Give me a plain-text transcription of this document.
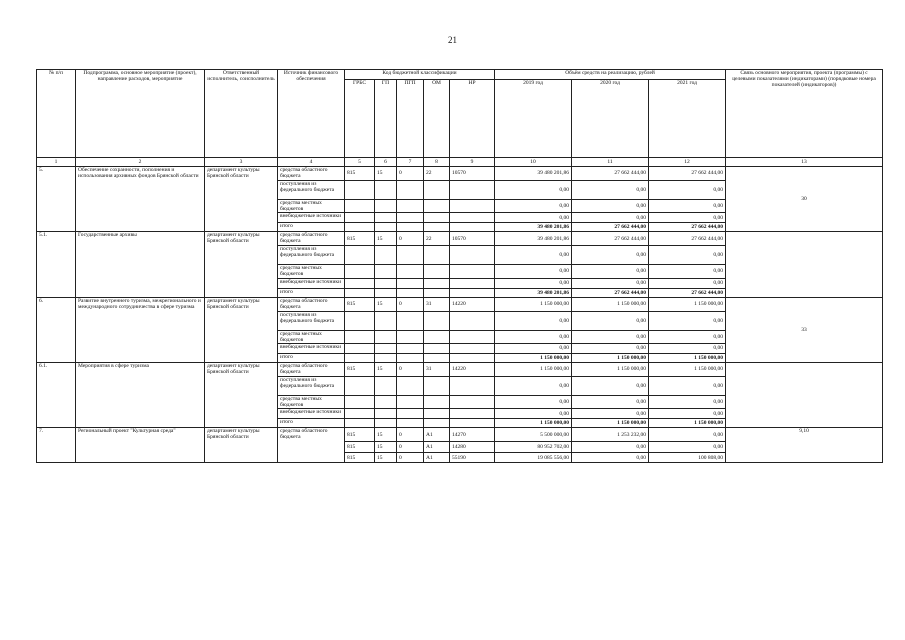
21
№ п/п	Подпрограмма, основное мероприятие (проект), направление расходов, мероприятие	Ответственный исполнитель, соисполнитель	Источник финансового обеспечения	Код бюджетной классификации					Объём средств на реализацию, рублей			Связь основного мероприятия, проекта (программы) с целевыми показателями (индикаторами) (порядковые номера показателей (индикаторов))
				ГРБС	ГП	ПГП	ОМ	НР	2019 год	2020 год	2021 год	
1	2	3	4	5	6	7	8	9	10	11	12	13
5.	Обеспечение сохранности, пополнения и использования архивных фондов Брянской области	департамент культуры Брянской области	средства областного бюджета	815	15	0	22	10570	39 480 201,86	27 662 444,00	27 662 444,00	30
			поступления из федерального бюджета						0,00	0,00	0,00	
			средства местных бюджетов						0,00	0,00	0,00	
			внебюджетные источники						0,00	0,00	0,00	
			итого						39 480 201,86	27 662 444,00	27 662 444,00	
5.1.	Государственные архивы	департамент культуры Брянской области	средства областного бюджета	815	15	0	22	10570	39 480 201,86	27 662 444,00	27 662 444,00	
			поступления из федерального бюджета						0,00	0,00	0,00	
			средства местных бюджетов						0,00	0,00	0,00	
			внебюджетные источники						0,00	0,00	0,00	
			итого						39 480 201,86	27 662 444,00	27 662 444,00	
6.	Развитие внутреннего туризма, межрегионального и международного сотрудничества в сфере туризма	департамент культуры Брянской области	средства областного бюджета	815	15	0	31	14220	1 150 000,00	1 150 000,00	1 150 000,00	33
			поступления из федерального бюджета						0,00	0,00	0,00	
			средства местных бюджетов						0,00	0,00	0,00	
			внебюджетные источники						0,00	0,00	0,00	
			итого						1 150 000,00	1 150 000,00	1 150 000,00	
6.1.	Мероприятия в сфере туризма	департамент культуры Брянской области	средства областного бюджета	815	15	0	31	14220	1 150 000,00	1 150 000,00	1 150 000,00	
			поступления из федерального бюджета						0,00	0,00	0,00	
			средства местных бюджетов						0,00	0,00	0,00	
			внебюджетные источники						0,00	0,00	0,00	
			итого						1 150 000,00	1 150 000,00	1 150 000,00	
7.	Региональный проект "Культурная среда"	департамент культуры Брянской области	средства областного бюджета	815	15	0	A1	14270	5 500 000,00	1 253 232,00	0,00	9,10
				815	15	0	A1	14280	80 952 702,00	0,00	0,00	
				815	15	0	A1	55190	19 085 556,00	0,00	100 808,00	
